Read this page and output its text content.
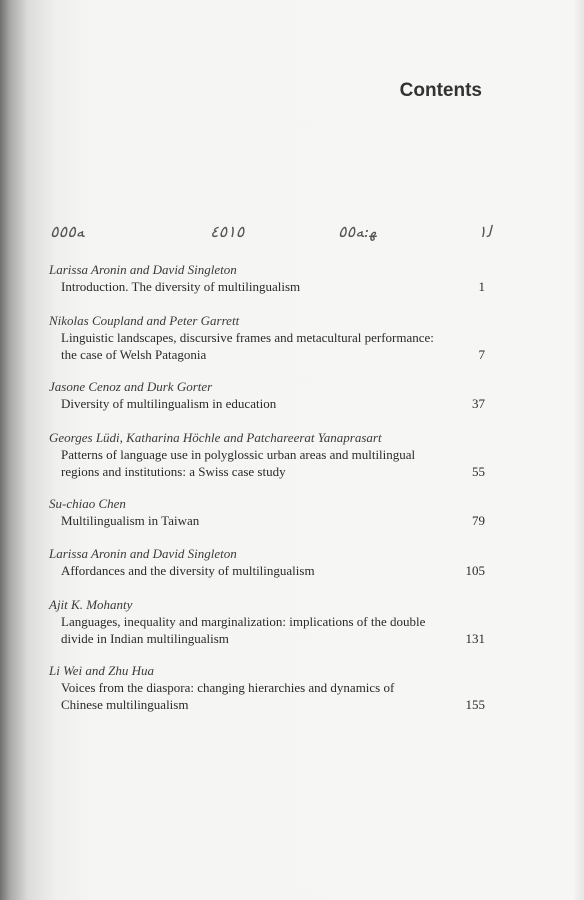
Contents
ﻪ٥٥٥	٤٥١٥	ﻬ:ﻪ٥٥	ﻟ١
Larissa Aronin and David Singleton
Introduction. The diversity of multilingualism	1
Nikolas Coupland and Peter Garrett
Linguistic landscapes, discursive frames and metacultural performance: the case of Welsh Patagonia	7
Jasone Cenoz and Durk Gorter
Diversity of multilingualism in education	37
Georges Lüdi, Katharina Höchle and Patchareerat Yanaprasart
Patterns of language use in polyglossic urban areas and multilingual regions and institutions: a Swiss case study	55
Su-chiao Chen
Multilingualism in Taiwan	79
Larissa Aronin and David Singleton
Affordances and the diversity of multilingualism	105
Ajit K. Mohanty
Languages, inequality and marginalization: implications of the double divide in Indian multilingualism	131
Li Wei and Zhu Hua
Voices from the diaspora: changing hierarchies and dynamics of Chinese multilingualism	155
